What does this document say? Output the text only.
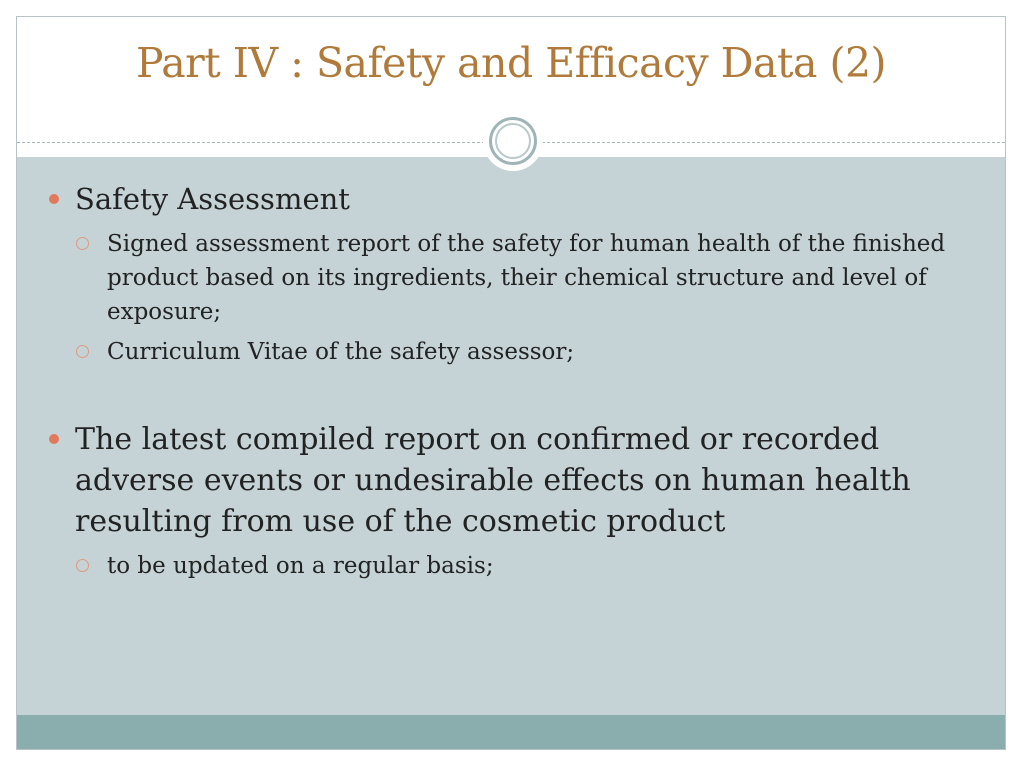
Part IV : Safety and Efficacy Data (2)
Safety Assessment
Signed assessment report of the safety for human health of the finished product based on its ingredients, their chemical structure and level of exposure;
Curriculum Vitae of the safety assessor;
The latest compiled report on confirmed or recorded adverse events or undesirable effects on human health resulting from use of the cosmetic product
to be updated on a regular basis;
